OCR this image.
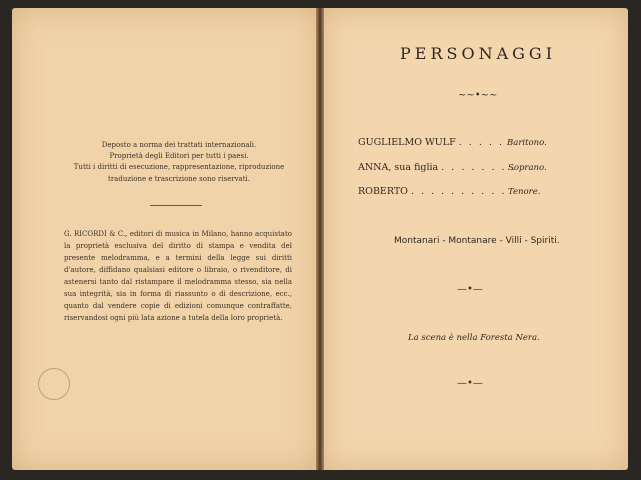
Deposto a norma dei trattati internazionali.
Proprietà degli Editori per tutti i paesi.
Tutti i diritti di esecuzione, rappresentazione, riproduzione
traduzione e trascrizione sono riservati.
G. RICORDI & C., editori di musica in Milano, hanno acquistato la proprietà esclusiva del diritto di stampa e vendita del presente melodramma, e a termini della legge sui diritti d'autore, diffidano qualsiasi editore o libraio, o rivenditore, di astenersi tanto dal ristampare il melodramma stesso, sia nella sua integrità, sia in forma di riassunto o di descrizione, ecc., quanto dal vendere copie di edizioni comunque contraffatte, riservandosi ogni più lata azione a tutela della loro proprietà.
PERSONAGGI
~~•~~
GUGLIELMO WULF . . . . . Baritono.
ANNA, sua figlia . . . . . . . .
Soprano.
ROBERTO . . . . . . . . . . Tenore.
Montanari - Montanare - Villi - Spiriti.
—•—
La scena è nella Foresta Nera.
—•—
